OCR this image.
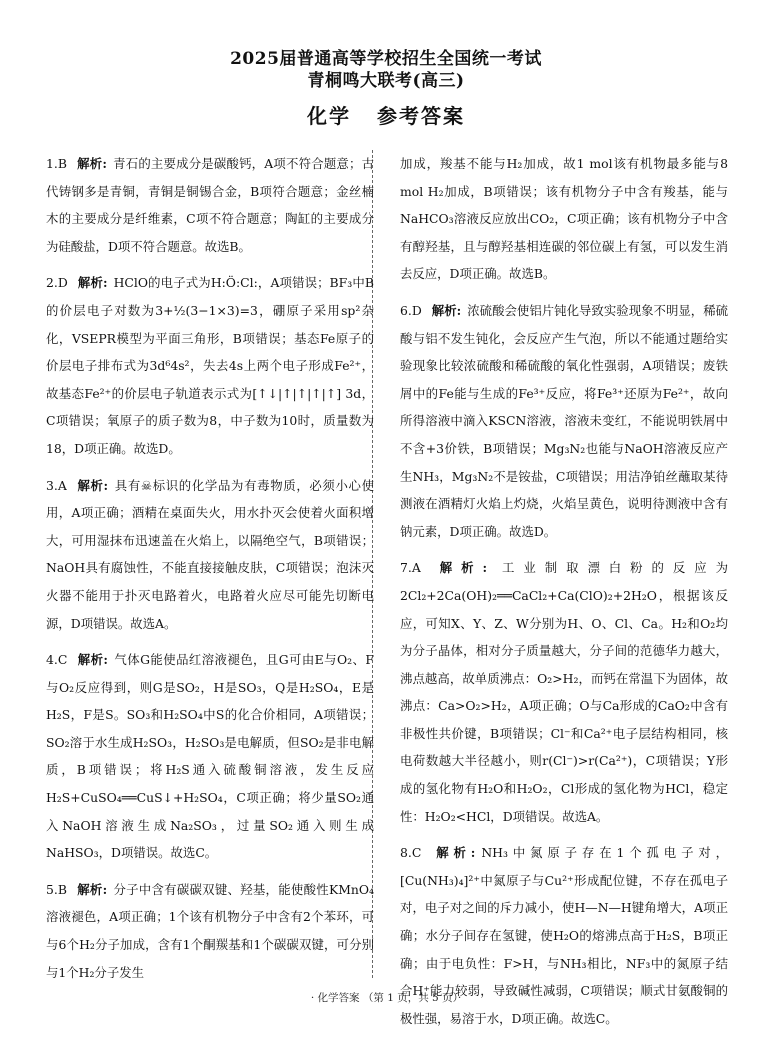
2025届普通高等学校招生全国统一考试
青桐鸣大联考(高三)
化学 参考答案
1.B 解析: 青石的主要成分是碳酸钙，A项不符合题意；古代铸钢多是青铜，青铜是铜锡合金，B项符合题意；金丝楠木的主要成分是纤维素，C项不符合题意；陶缸的主要成分为硅酸盐，D项不符合题意。故选B。
2.D 解析: HClO的电子式为H:Ö:Cl:，A项错误；BF₃中B的价层电子对数为3+½(3−1×3)=3，硼原子采用sp²杂化，VSEPR模型为平面三角形，B项错误；基态Fe原子的价层电子排布式为3d⁶4s²，失去4s上两个电子形成Fe²⁺，故基态Fe²⁺的价层电子轨道表示式为[↑↓|↑|↑|↑|↑] 3d，C项错误；氧原子的质子数为8，中子数为10时，质量数为18，D项正确。故选D。
3.A 解析: 具有☠标识的化学品为有毒物质，必须小心使用，A项正确；酒精在桌面失火，用水扑灭会使着火面积增大，可用湿抹布迅速盖在火焰上，以隔绝空气，B项错误；NaOH具有腐蚀性，不能直接接触皮肤，C项错误；泡沫灭火器不能用于扑灭电路着火，电路着火应尽可能先切断电源，D项错误。故选A。
4.C 解析: 气体G能使品红溶液褪色，且G可由E与O₂、F与O₂反应得到，则G是SO₂，H是SO₃，Q是H₂SO₄，E是H₂S，F是S。SO₃和H₂SO₄中S的化合价相同，A项错误；SO₂溶于水生成H₂SO₃，H₂SO₃是电解质，但SO₂是非电解质，B项错误；将H₂S通入硫酸铜溶液，发生反应H₂S+CuSO₄══CuS↓+H₂SO₄，C项正确；将少量SO₂通入NaOH溶液生成Na₂SO₃，过量SO₂通入则生成NaHSO₃，D项错误。故选C。
5.B 解析: 分子中含有碳碳双键、羟基，能使酸性KMnO₄溶液褪色，A项正确；1个该有机物分子中含有2个苯环，可与6个H₂分子加成，含有1个酮羰基和1个碳碳双键，可分别与1个H₂分子发生
加成，羧基不能与H₂加成，故1 mol该有机物最多能与8 mol H₂加成，B项错误；该有机物分子中含有羧基，能与NaHCO₃溶液反应放出CO₂，C项正确；该有机物分子中含有醇羟基，且与醇羟基相连碳的邻位碳上有氢，可以发生消去反应，D项正确。故选B。
6.D 解析: 浓硫酸会使铝片钝化导致实验现象不明显，稀硫酸与铝不发生钝化，会反应产生气泡，所以不能通过题给实验现象比较浓硫酸和稀硫酸的氧化性强弱，A项错误；废铁屑中的Fe能与生成的Fe³⁺反应，将Fe³⁺还原为Fe²⁺，故向所得溶液中滴入KSCN溶液，溶液未变红，不能说明铁屑中不含+3价铁，B项错误；Mg₃N₂也能与NaOH溶液反应产生NH₃，Mg₃N₂不是铵盐，C项错误；用洁净铂丝蘸取某待测液在酒精灯火焰上灼烧，火焰呈黄色，说明待测液中含有钠元素，D项正确。故选D。
7.A 解析: 工业制取漂白粉的反应为2Cl₂+2Ca(OH)₂══CaCl₂+Ca(ClO)₂+2H₂O，根据该反应，可知X、Y、Z、W分别为H、O、Cl、Ca。H₂和O₂均为分子晶体，相对分子质量越大，分子间的范德华力越大，沸点越高，故单质沸点：O₂>H₂，而钙在常温下为固体，故沸点：Ca>O₂>H₂，A项正确；O与Ca形成的CaO₂中含有非极性共价键，B项错误；Cl⁻和Ca²⁺电子层结构相同，核电荷数越大半径越小，则r(Cl⁻)>r(Ca²⁺)，C项错误；Y形成的氢化物有H₂O和H₂O₂，Cl形成的氢化物为HCl，稳定性：H₂O₂<HCl，D项错误。故选A。
8.C 解析: NH₃中氮原子存在1个孤电子对，[Cu(NH₃)₄]²⁺中氮原子与Cu²⁺形成配位键，不存在孤电子对，电子对之间的斥力减小，使H—N—H键角增大，A项正确；水分子间存在氢键，使H₂O的熔沸点高于H₂S，B项正确；由于电负性：F>H，与NH₃相比，NF₃中的氮原子结合H⁺能力较弱，导致碱性减弱，C项错误；顺式甘氨酸铜的极性强，易溶于水，D项正确。故选C。
· 化学答案 （第 1 页，共 5 页）·
